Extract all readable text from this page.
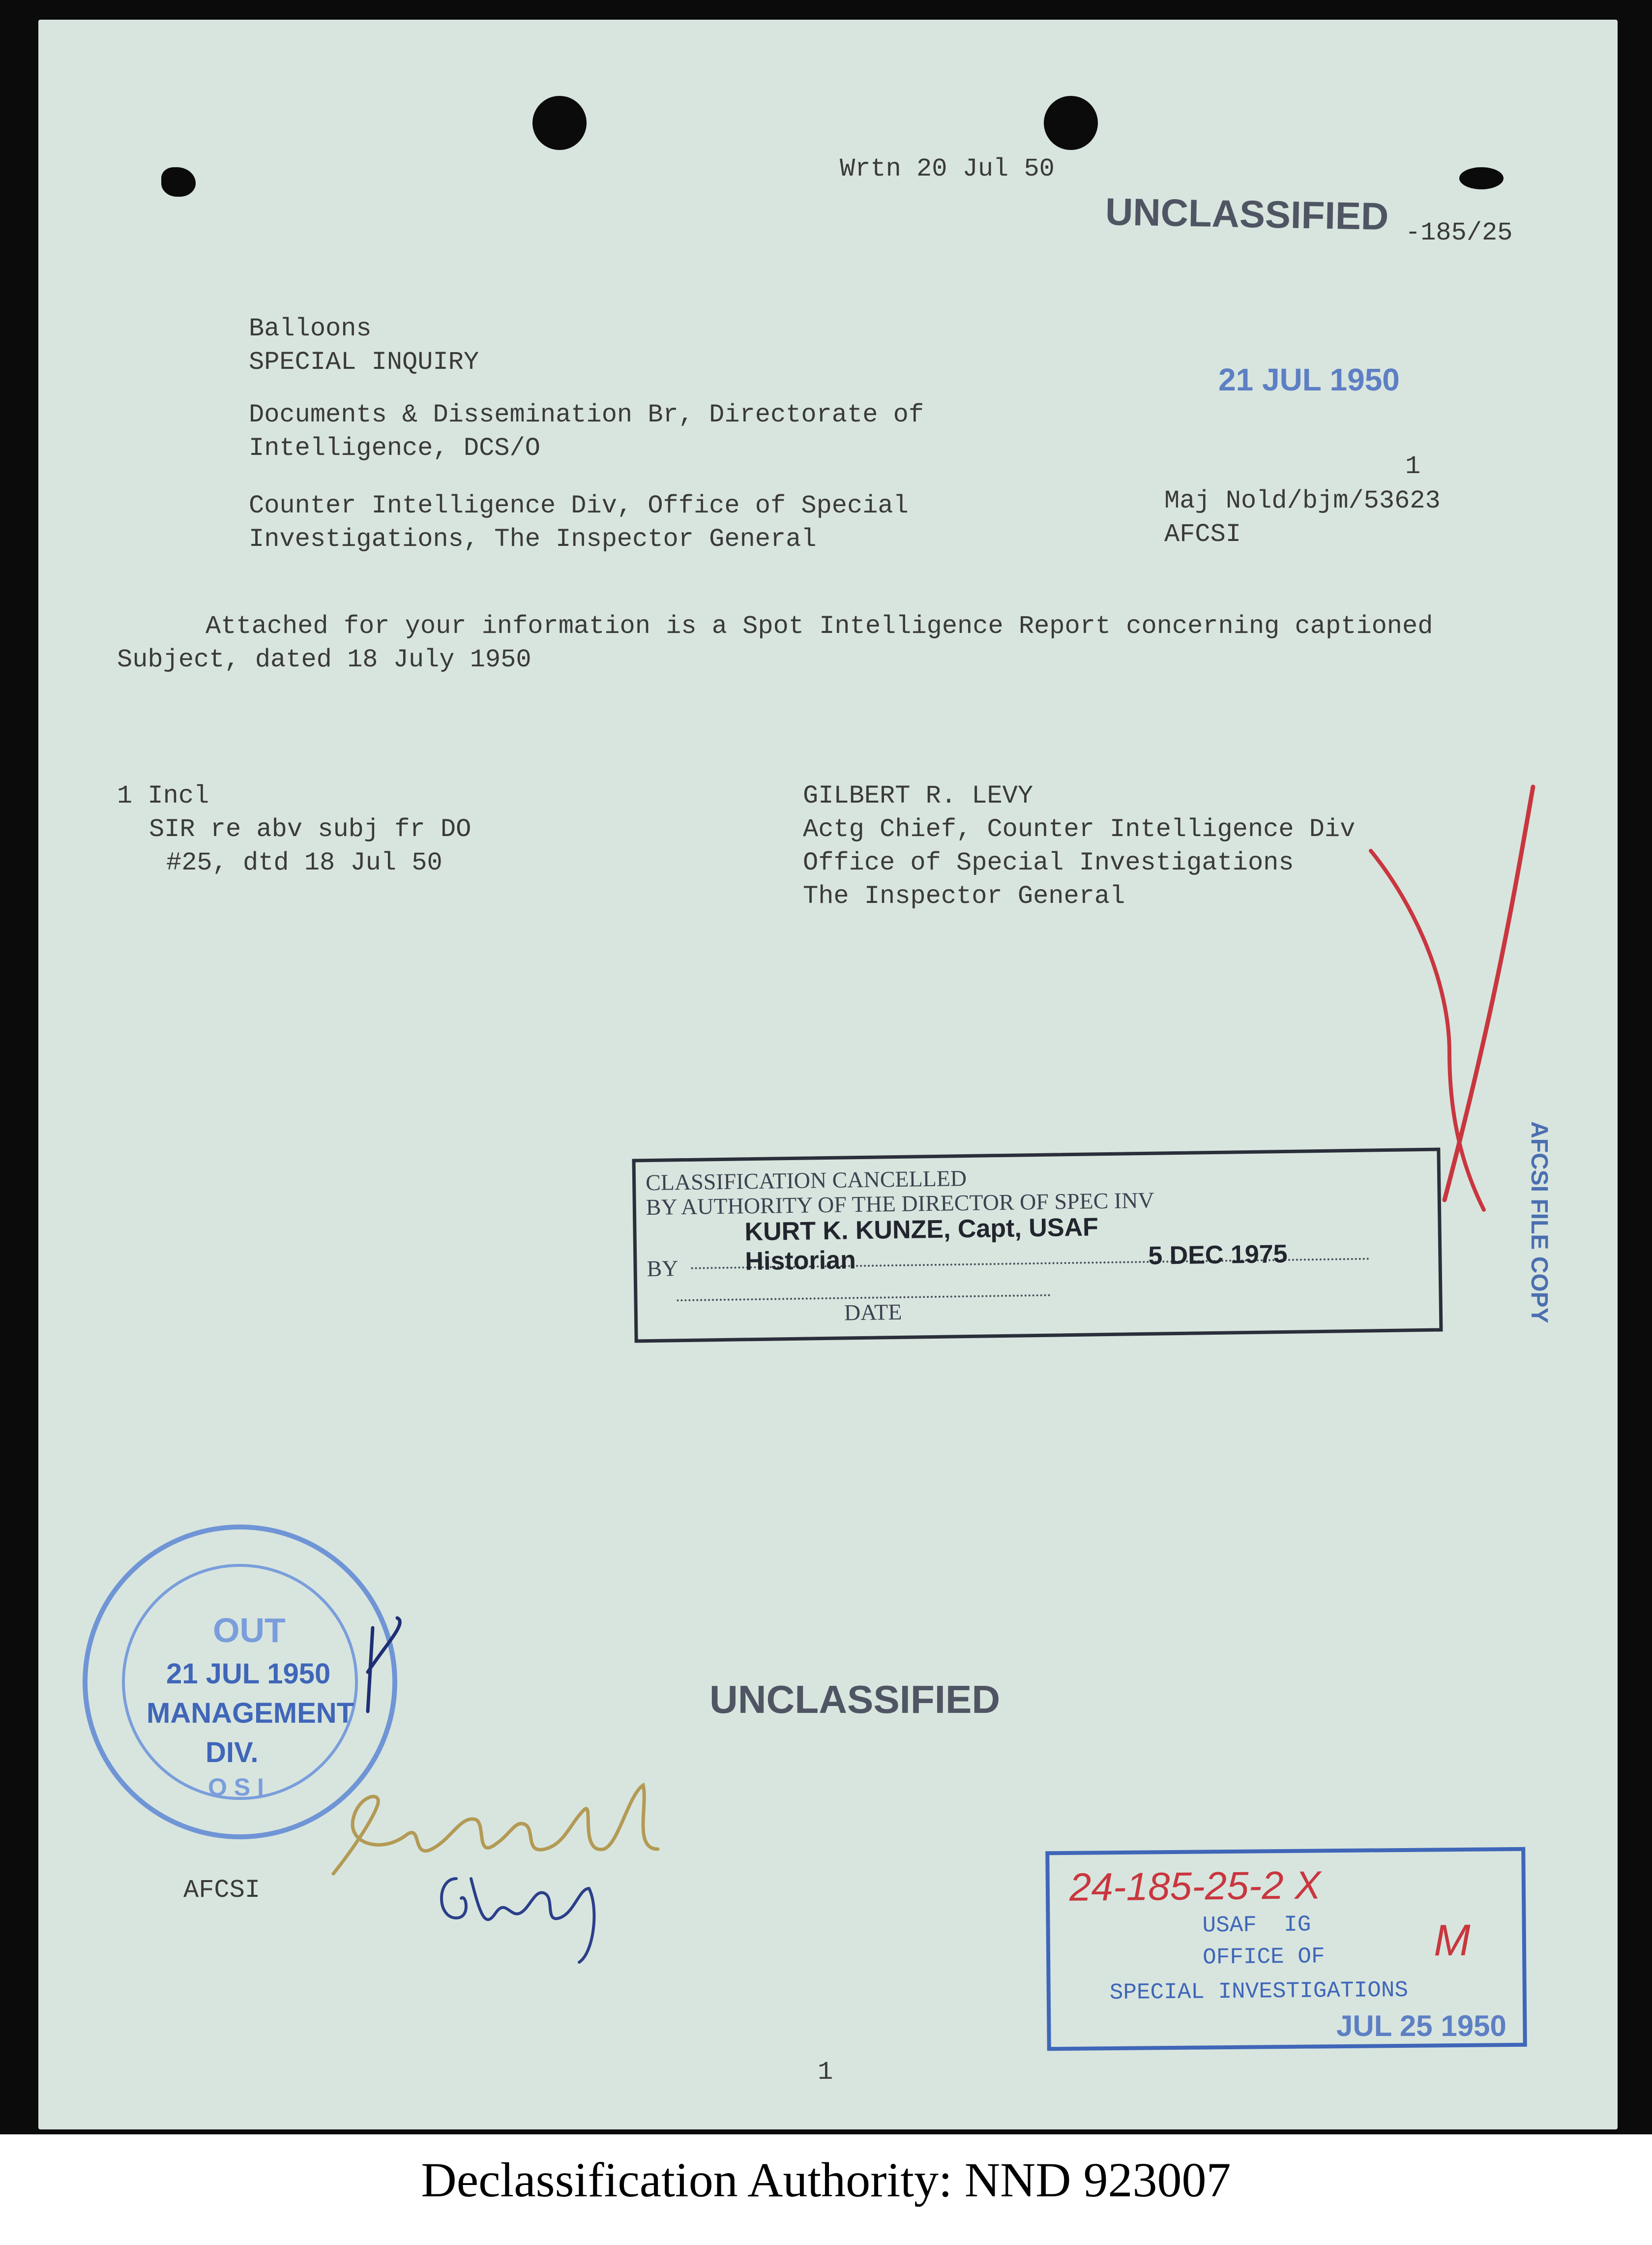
Wrtn 20 Jul 50
UNCLASSIFIED -185/25
21 JUL 1950
Balloons
SPECIAL INQUIRY
Documents & Dissemination Br, Directorate of
Intelligence, DCS/O
Counter Intelligence Div, Office of Special
Investigations, The Inspector General
1
Maj Nold/bjm/53623
AFCSI
Attached for your information is a Spot Intelligence Report concerning captioned
Subject, dated 18 July 1950
1 Incl
SIR re abv subj fr DO
#25, dtd 18 Jul 50
GILBERT R. LEVY
Actg Chief, Counter Intelligence Div
Office of Special Investigations
The Inspector General
AFCSI FILE COPY
CLASSIFICATION CANCELLED
BY AUTHORITY OF THE DIRECTOR OF SPEC INV
KURT K. KUNZE, Capt, USAF
BY	Historian	5 DEC 1975
DATE
OUT
21 JUL 1950
MANAGEMENT
DIV.
O S I
UNCLASSIFIED
AFCSI	24-185-25-2 X
USAF  IG
OFFICE OF
SPECIAL INVESTIGATIONS
M
JUL 25 1950
1
Declassification Authority: NND 923007
